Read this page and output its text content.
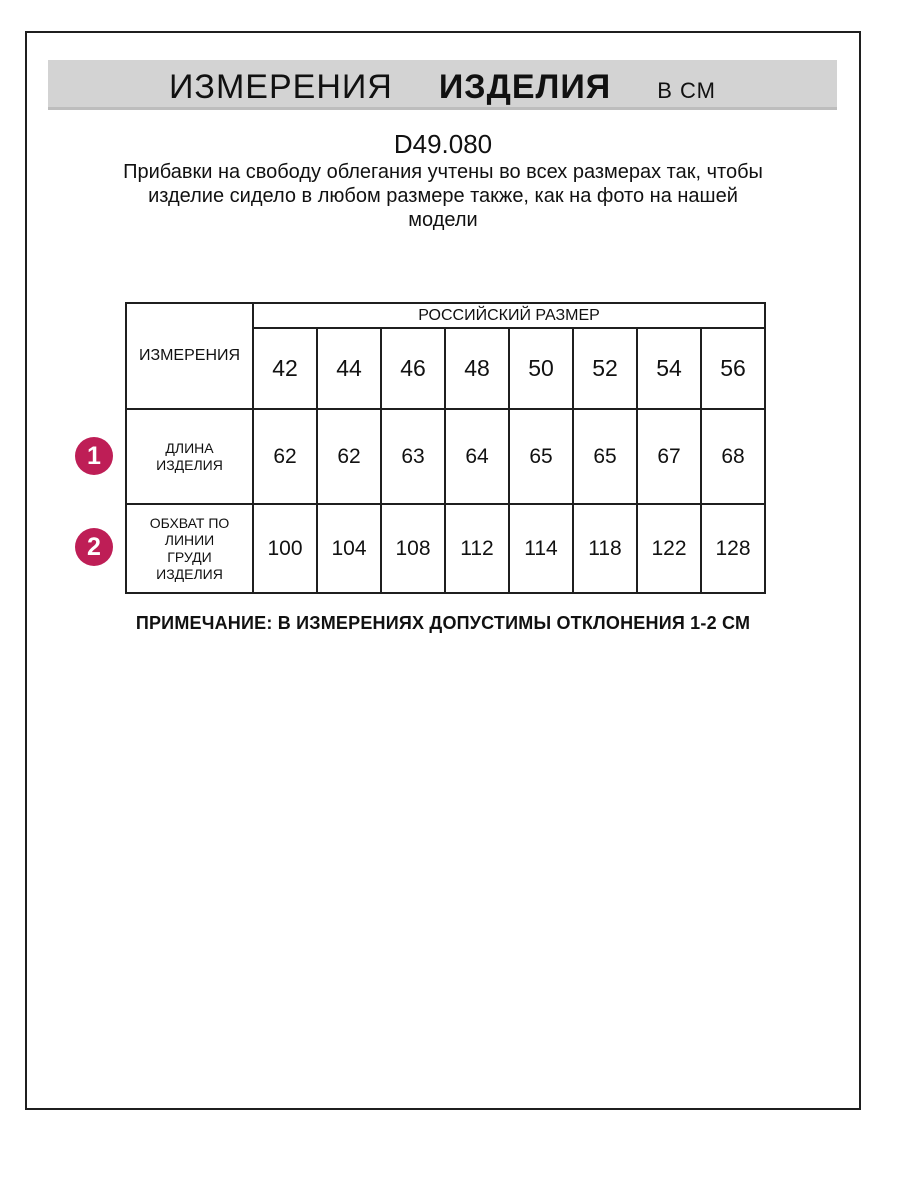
ИЗМЕРЕНИЯ ИЗДЕЛИЯ В СМ
D49.080
Прибавки на свободу облегания учтены во всех размерах так, чтобы
изделие сидело в любом размере также, как на фото на нашей
модели
ИЗМЕРЕНИЯ	РОССИЙСКИЙ РАЗМЕР							
	42	44	46	48	50	52	54	56
ДЛИНА ИЗДЕЛИЯ	62	62	63	64	65	65	67	68
ОБХВАТ ПО ЛИНИИ ГРУДИ ИЗДЕЛИЯ	100	104	108	112	114	118	122	128
1
2
ПРИМЕЧАНИЕ: В ИЗМЕРЕНИЯХ ДОПУСТИМЫ ОТКЛОНЕНИЯ 1-2 СМ
